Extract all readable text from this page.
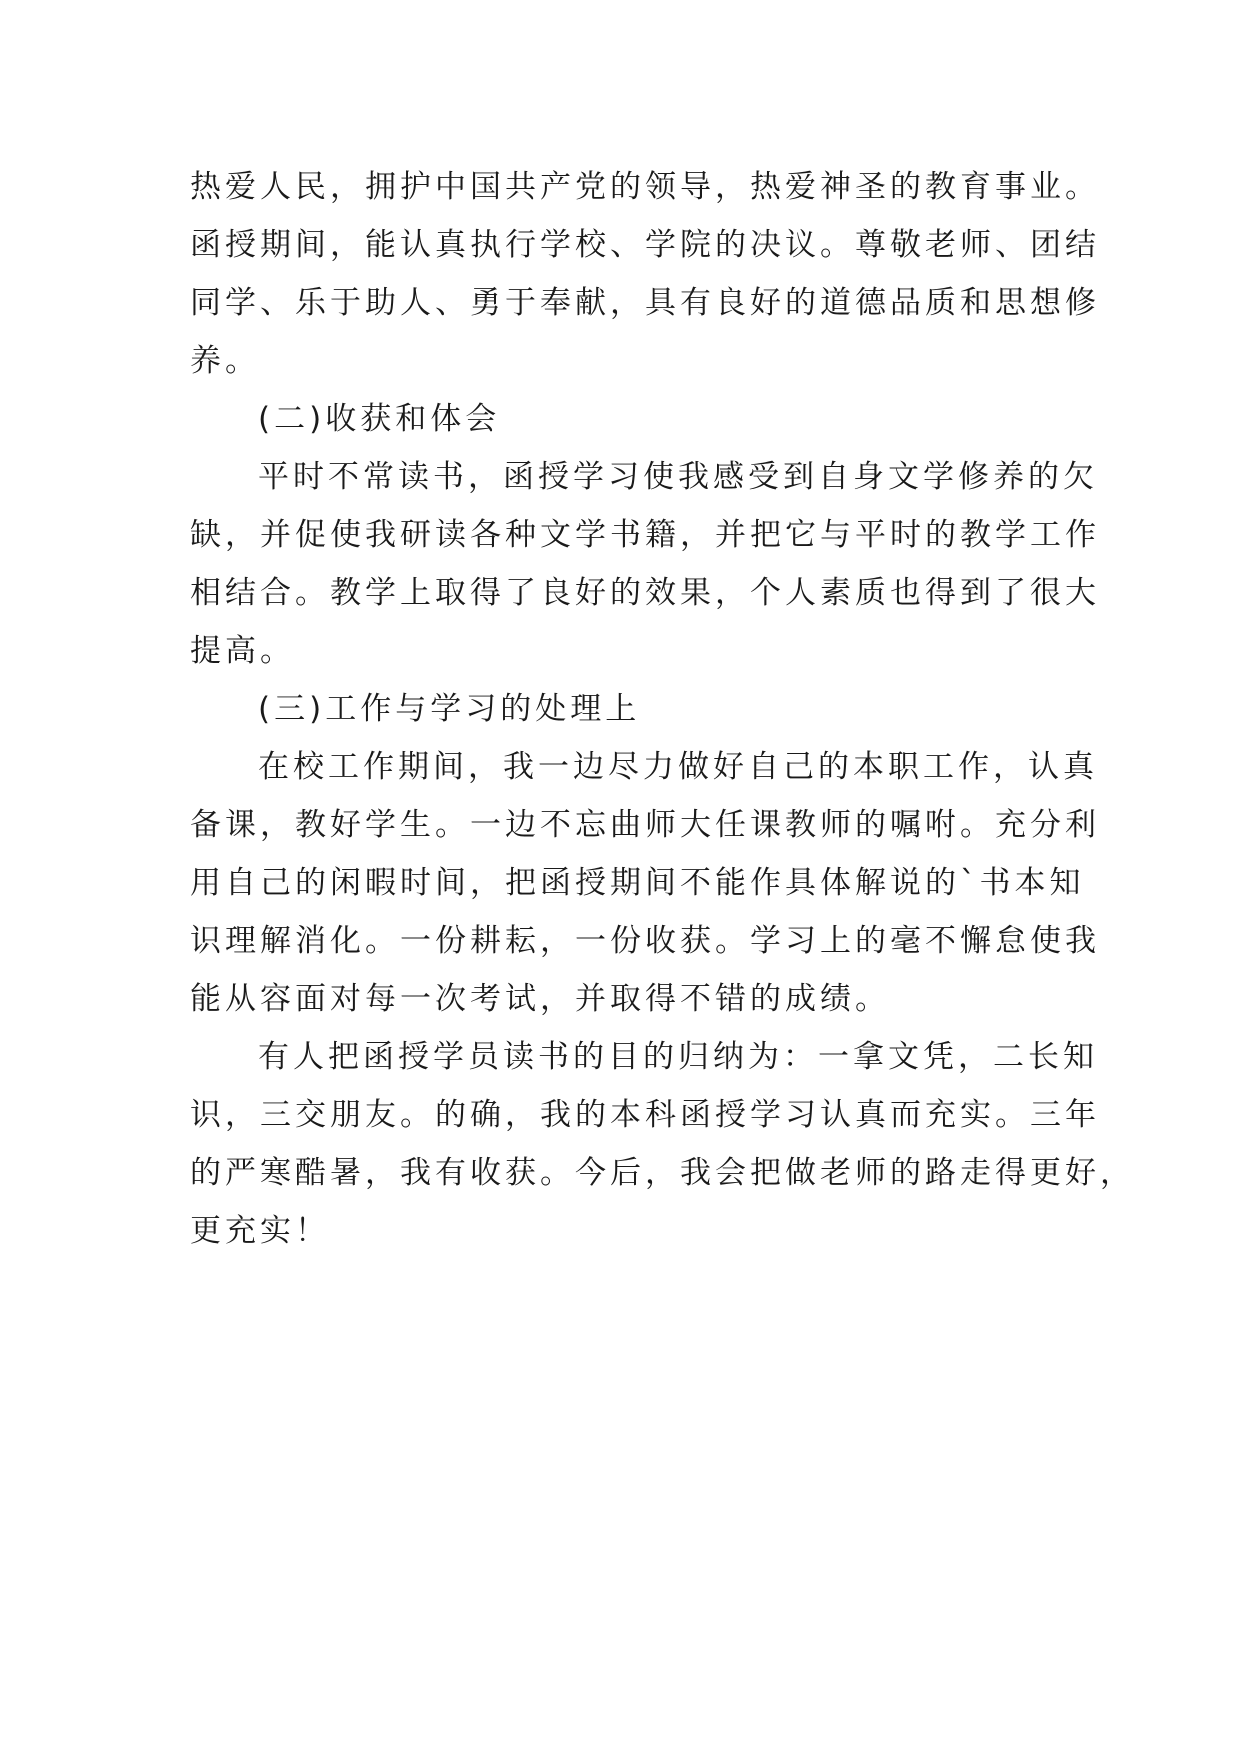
热爱人民，拥护中国共产党的领导，热爱神圣的教育事业。
函授期间，能认真执行学校、学院的决议。尊敬老师、团结
同学、乐于助人、勇于奉献，具有良好的道德品质和思想修
养。
(二)收获和体会
平时不常读书，函授学习使我感受到自身文学修养的欠
缺，并促使我研读各种文学书籍，并把它与平时的教学工作
相结合。教学上取得了良好的效果，个人素质也得到了很大
提高。
(三)工作与学习的处理上
在校工作期间，我一边尽力做好自己的本职工作，认真
备课，教好学生。一边不忘曲师大任课教师的嘱咐。充分利
用自己的闲暇时间，把函授期间不能作具体解说的`书本知
识理解消化。一份耕耘，一份收获。学习上的毫不懈怠使我
能从容面对每一次考试，并取得不错的成绩。
有人把函授学员读书的目的归纳为：一拿文凭，二长知
识，三交朋友。的确，我的本科函授学习认真而充实。三年
的严寒酷暑，我有收获。今后，我会把做老师的路走得更好，
更充实！
